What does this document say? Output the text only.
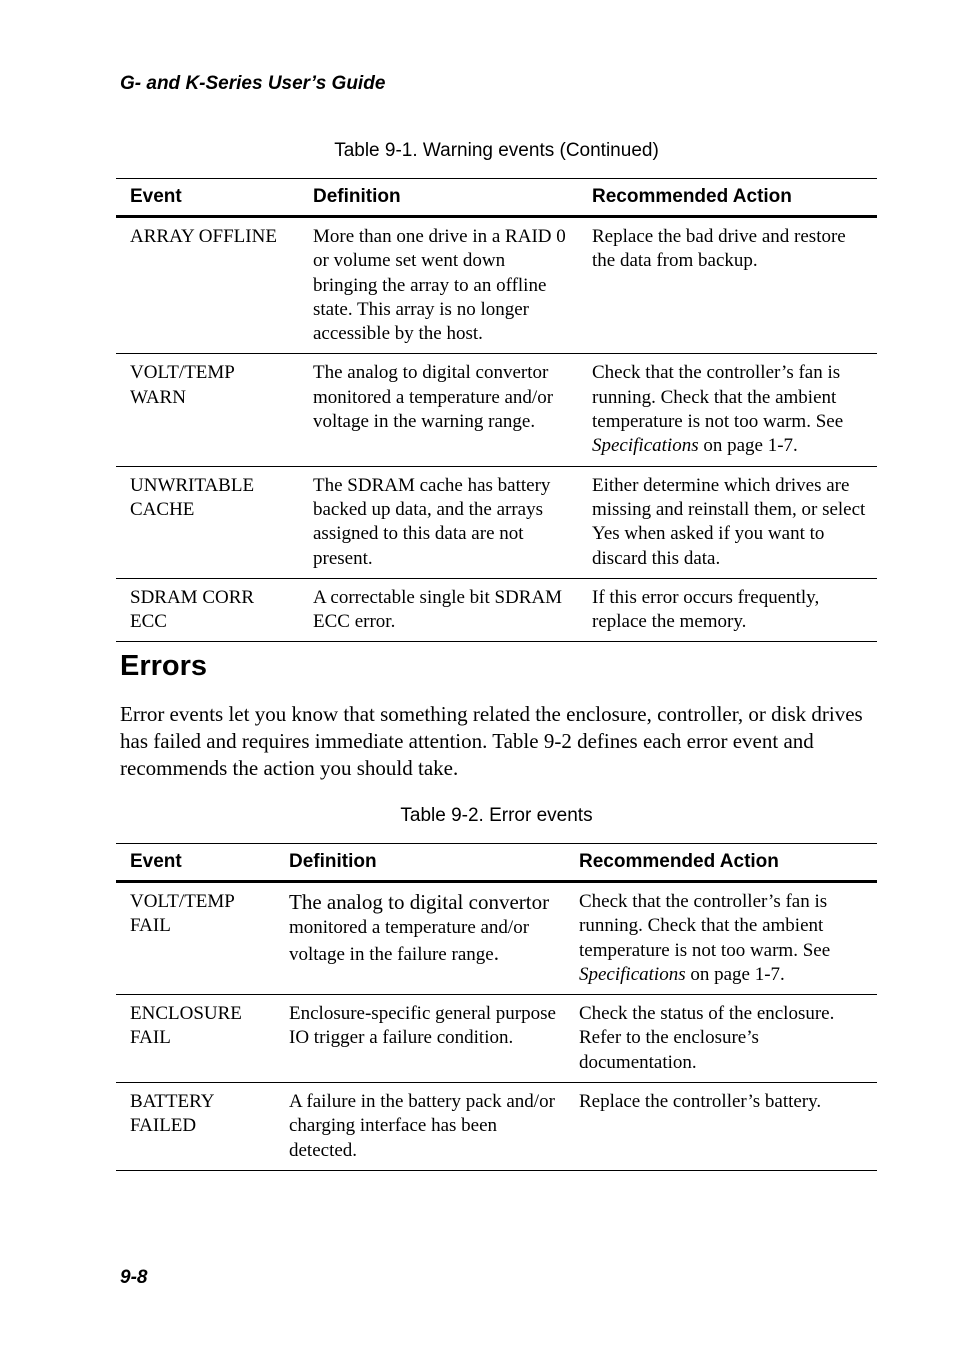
G- and K-Series User’s Guide
Table 9-1. Warning events (Continued)
Event	Definition	Recommended Action
ARRAY OFFLINE	More than one drive in a RAID 0 or volume set went down bringing the array to an offline state. This array is no longer accessible by the host.	Replace the bad drive and restore the data from backup.
VOLT/TEMP WARN	The analog to digital convertor monitored a temperature and/or voltage in the warning range.	Check that the controller’s fan is running. Check that the ambient temperature is not too warm. See Specifications on page 1-7.
UNWRITABLE CACHE	The SDRAM cache has battery backed up data, and the arrays assigned to this data are not present.	Either determine which drives are missing and reinstall them, or select Yes when asked if you want to discard this data.
SDRAM CORR ECC	A correctable single bit SDRAM ECC error.	If this error occurs frequently, replace the memory.
Errors

Error events let you know that something related the enclosure, controller, or disk drives has failed and requires immediate attention. Table 9-2 defines each error event and recommends the action you should take.

Table 9-2. Error events
Event	Definition	Recommended Action
VOLT/TEMP FAIL	The analog to digital convertor monitored a temperature and/or voltage in the failure range.	Check that the controller’s fan is running. Check that the ambient temperature is not too warm. See Specifications on page 1-7.
ENCLOSURE FAIL	Enclosure-specific general purpose IO trigger a failure condition.	Check the status of the enclosure. Refer to the enclosure’s documentation.
BATTERY FAILED	A failure in the battery pack and/or charging interface has been detected.	Replace the controller’s battery.
9-8
